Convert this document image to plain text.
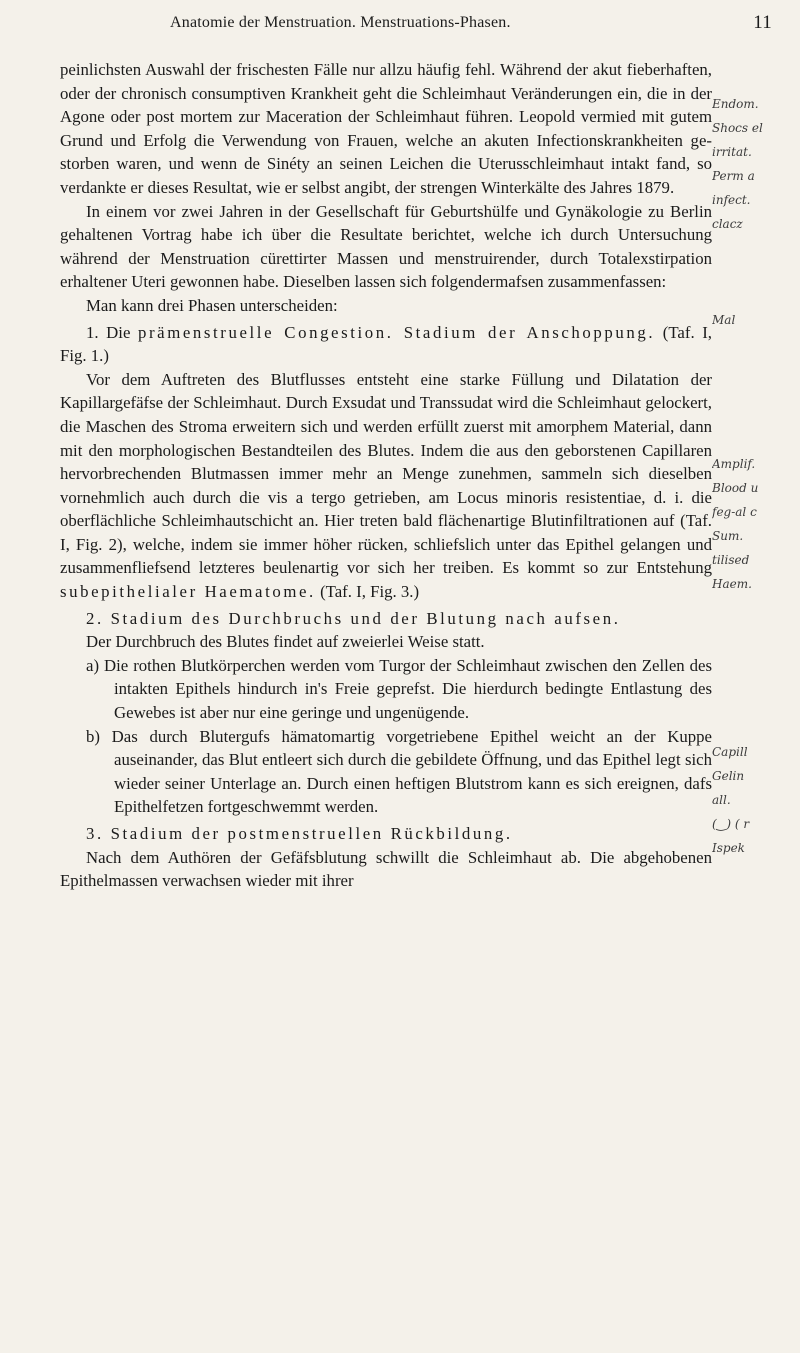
Anatomie der Menstruation. Menstruations-Phasen.	11

peinlichsten Auswahl der frischesten Fälle nur allzu häufig fehl. Während der akut fieberhaften, oder der chronisch consumptiven Krankheit geht die Schleimhaut Veränderungen ein, die in der Agone oder post mortem zur Maceration der Schleimhaut führen. Leopold vermied mit gutem Grund und Erfolg die Verwendung von Frauen, welche an akuten Infectionskrankheiten gestorben waren, und wenn de Sinéty an seinen Leichen die Uterusschleimhaut intakt fand, so verdankte er dieses Resultat, wie er selbst angibt, der strengen Winterkälte des Jahres 1879.

In einem vor zwei Jahren in der Gesellschaft für Geburtshülfe und Gynäkologie zu Berlin gehaltenen Vortrag habe ich über die Resultate berichtet, welche ich durch Untersuchung während der Menstruation cürettirter Massen und menstruirender, durch Totalexstirpation erhaltener Uteri gewonnen habe. Dieselben lassen sich folgendermafsen zusammenfassen:

Man kann drei Phasen unterscheiden:

1. Die prämenstruelle Congestion. Stadium der Anschoppung. (Taf. I, Fig. 1.)

Vor dem Auftreten des Blutflusses entsteht eine starke Füllung und Dilatation der Kapillargefäfse der Schleimhaut. Durch Exsudat und Transsudat wird die Schleimhaut gelockert, die Maschen des Stroma erweitern sich und werden erfüllt zuerst mit amorphem Material, dann mit den morphologischen Bestandteilen des Blutes. Indem die aus den geborstenen Capillaren hervorbrechenden Blutmassen immer mehr an Menge zunehmen, sammeln sich dieselben vornehmlich auch durch die vis a tergo getrieben, am Locus minoris resistentiae, d. i. die oberflächliche Schleimhautschicht an. Hier treten bald flächenartige Blutinfiltrationen auf (Taf. I, Fig. 2), welche, indem sie immer höher rücken, schliefslich unter das Epithel gelangen und zusammenfliefsend letzteres beulenartig vor sich her treiben. Es kommt so zur Entstehung subepithelialer Haematome. (Taf. I, Fig. 3.)

2. Stadium des Durchbruchs und der Blutung nach aufsen.

Der Durchbruch des Blutes findet auf zweierlei Weise statt.

a) Die rothen Blutkörperchen werden vom Turgor der Schleimhaut zwischen den Zellen des intakten Epithels hindurch in's Freie geprefst. Die hierdurch bedingte Entlastung des Gewebes ist aber nur eine geringe und ungenügende.

b) Das durch Blutergufs hämatomartig vorgetriebene Epithel weicht an der Kuppe auseinander, das Blut entleert sich durch die gebildete Öffnung, und das Epithel legt sich wieder seiner Unterlage an. Durch einen heftigen Blutstrom kann es sich ereignen, dafs Epithelfetzen fortgeschwemmt werden.

3. Stadium der postmenstruellen Rückbildung.

Nach dem Authören der Gefäfsblutung schwillt die Schleimhaut ab. Die abgehobenen Epithelmassen verwachsen wieder mit ihrer

Endom.
Shocs el
irritat.
Perm a
infect.
clacz
Mal
Amplif.
Blood u
feg-al c
Sum.
tilised
Haem.
Capill
Gelin
all.
(‿) ( r
Ispek
